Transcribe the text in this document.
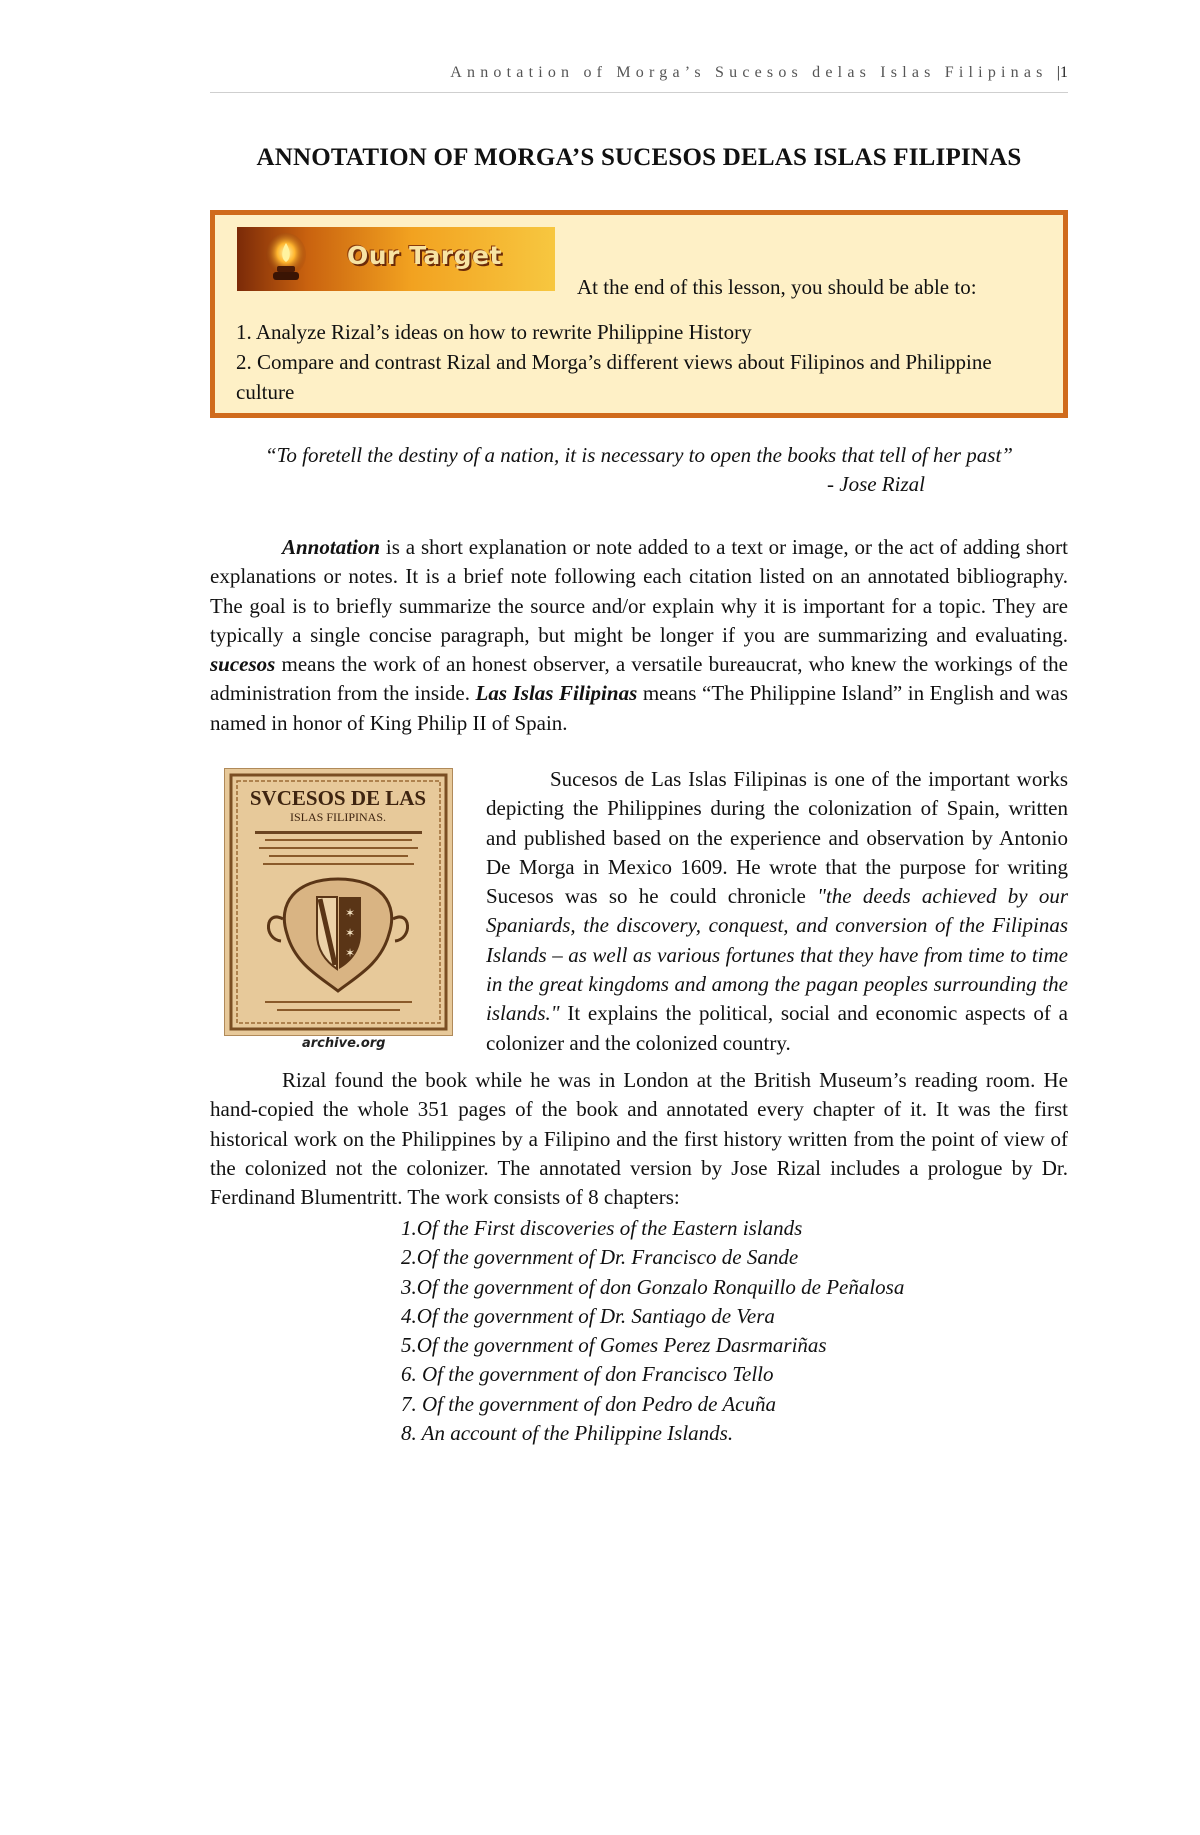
Annotation of Morga’s Sucesos delas Islas Filipinas |1
ANNOTATION OF MORGA’S SUCESOS DELAS ISLAS FILIPINAS
Our Target
At the end of this lesson, you should be able to:
1. Analyze Rizal’s ideas on how to rewrite Philippine History
2. Compare and contrast Rizal and Morga’s different views about Filipinos and Philippine culture
“To foretell the destiny of a nation, it is necessary to open the books that tell of her past”
- Jose Rizal

Annotation is a short explanation or note added to a text or image, or the act of adding short explanations or notes. It is a brief note following each citation listed on an annotated bibliography. The goal is to briefly summarize the source and/or explain why it is important for a topic. They are typically a single concise paragraph, but might be longer if you are summarizing and evaluating. sucesos means the work of an honest observer, a versatile bureaucrat, who knew the workings of the administration from the inside. Las Islas Filipinas means “The Philippine Island” in English and was named in honor of King Philip II of Spain.

SVCESOS DE LAS
ISLAS FILIPINAS.
✶
✶
✶
archive.org

Sucesos de Las Islas Filipinas is one of the important works depicting the Philippines during the colonization of Spain, written and published based on the experience and observation by Antonio De Morga in Mexico 1609. He wrote that the purpose for writing Sucesos was so he could chronicle "the deeds achieved by our Spaniards, the discovery, conquest, and conversion of the Filipinas Islands – as well as various fortunes that they have from time to time in the great kingdoms and among the pagan peoples surrounding the islands." It explains the political, social and economic aspects of a colonizer and the colonized country.

Rizal found the book while he was in London at the British Museum’s reading room. He hand-copied the whole 351 pages of the book and annotated every chapter of it. It was the first historical work on the Philippines by a Filipino and the first history written from the point of view of the colonized not the colonizer. The annotated version by Jose Rizal includes a prologue by Dr. Ferdinand Blumentritt. The work consists of 8 chapters:

1.Of the First discoveries of the Eastern islands
2.Of the government of Dr. Francisco de Sande
3.Of the government of don Gonzalo Ronquillo de Peñalosa
4.Of the government of Dr. Santiago de Vera
5.Of the government of Gomes Perez Dasrmariñas
6. Of the government of don Francisco Tello
7. Of the government of don Pedro de Acuña
8. An account of the Philippine Islands.
